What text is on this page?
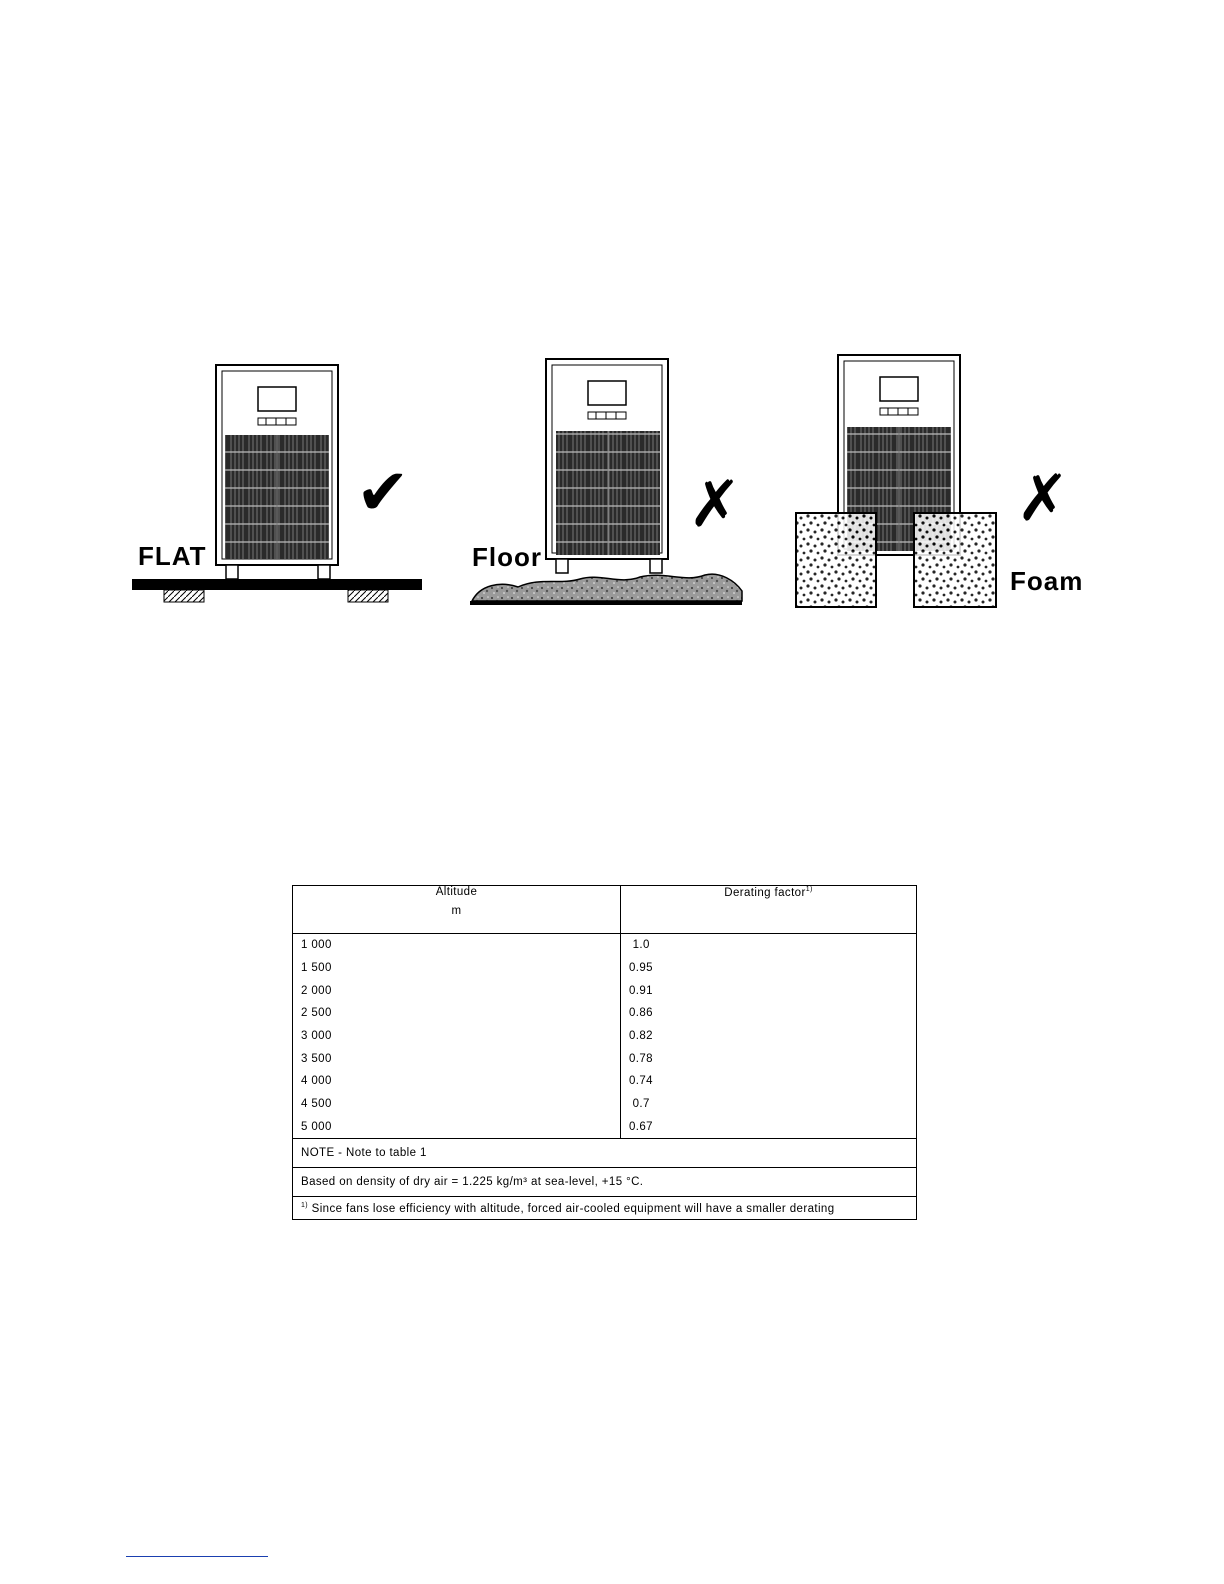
FLAT	Floor
Foam
✔	✗	✗
Altitude
m	Derating factor$^{1)}$
1 000	1.0
1 500	0.95
2 000	0.91
2 500	0.86
3 000	0.82
3 500	0.78
4 000	0.74
4 500	0.7
5 000	0.67
NOTE - Note to table 1	
Based on density of dry air = 1.225 kg/m³ at sea-level, +15 °C.	
$^{1)}$ Since fans lose efficiency with altitude, forced air-cooled equipment will have a smaller derating	
